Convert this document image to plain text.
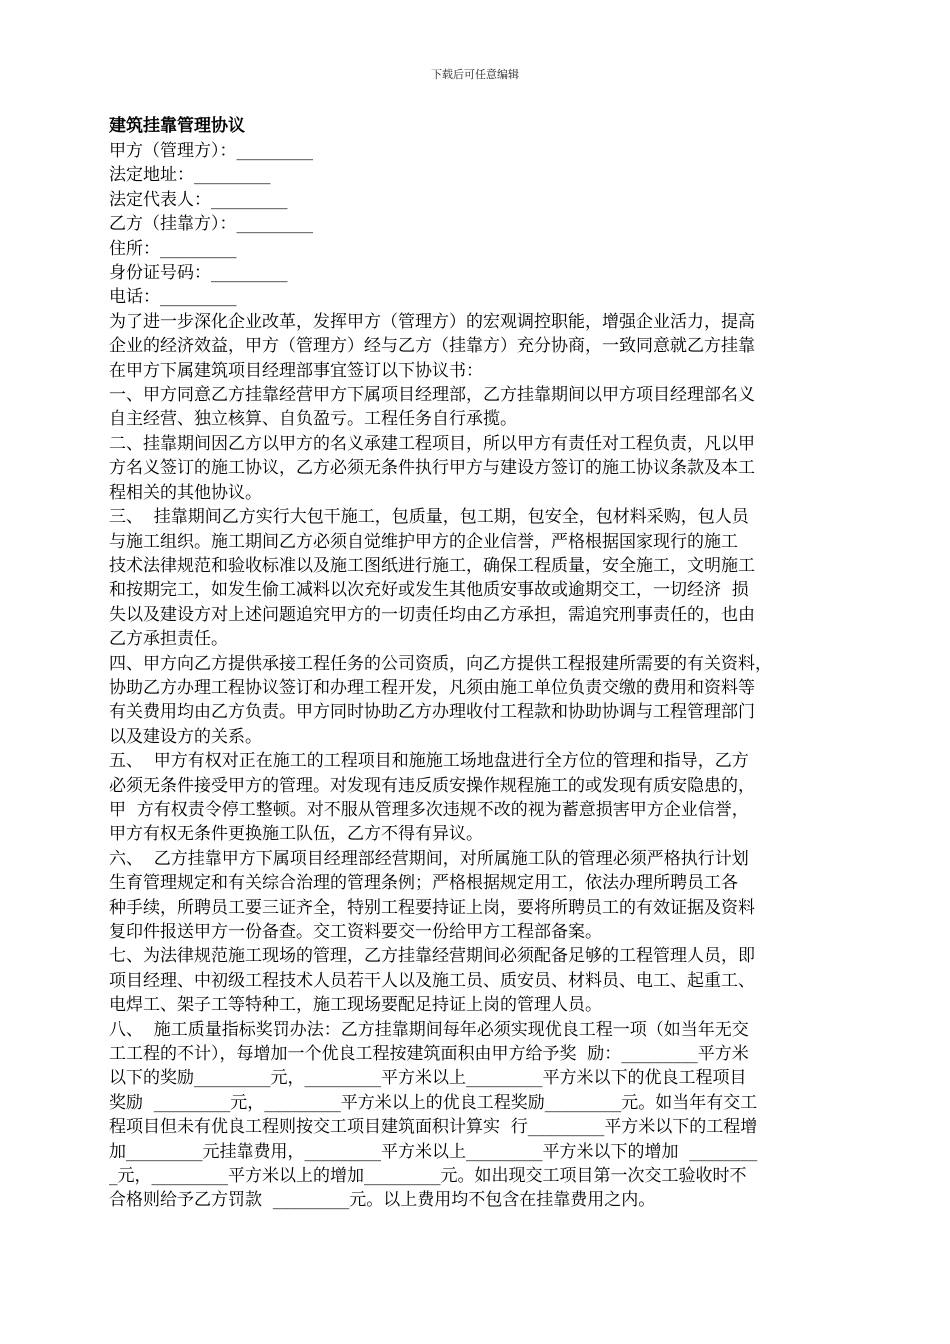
下载后可任意编辑

建筑挂靠管理协议

甲方（管理方）：_________

法定地址：_________

法定代表人：_________

乙方（挂靠方）：_________

住所：_________

身份证号码：_________

电话：_________

为了进一步深化企业改革，发挥甲方（管理方）的宏观调控职能，增强企业活力，提高

企业的经济效益，甲方（管理方）经与乙方（挂靠方）充分协商，一致同意就乙方挂靠

在甲方下属建筑项目经理部事宜签订以下协议书：

一、甲方同意乙方挂靠经营甲方下属项目经理部，乙方挂靠期间以甲方项目经理部名义

自主经营、独立核算、自负盈亏。工程任务自行承揽。

二、挂靠期间因乙方以甲方的名义承建工程项目，所以甲方有责任对工程负责，凡以甲

方名义签订的施工协议，乙方必须无条件执行甲方与建设方签订的施工协议条款及本工

程相关的其他协议。

三、  挂靠期间乙方实行大包干施工，包质量，包工期，包安全，包材料采购，包人员

与施工组织。施工期间乙方必须自觉维护甲方的企业信誉，严格根据国家现行的施工

技术法律规范和验收标准以及施工图纸进行施工，确保工程质量，安全施工，文明施工

和按期完工，如发生偷工减料以次充好或发生其他质安事故或逾期交工，一切经济  损

失以及建设方对上述问题追究甲方的一切责任均由乙方承担，需追究刑事责任的，也由

乙方承担责任。

四、甲方向乙方提供承接工程任务的公司资质，向乙方提供工程报建所需要的有关资料，

协助乙方办理工程协议签订和办理工程开发，凡须由施工单位负责交缴的费用和资料等

有关费用均由乙方负责。甲方同时协助乙方办理收付工程款和协助协调与工程管理部门

以及建设方的关系。

五、  甲方有权对正在施工的工程项目和施施工场地盘进行全方位的管理和指导，乙方

必须无条件接受甲方的管理。对发现有违反质安操作规程施工的或发现有质安隐患的，

甲  方有权责令停工整顿。对不服从管理多次违规不改的视为蓄意损害甲方企业信誉，

甲方有权无条件更换施工队伍，乙方不得有异议。

六、  乙方挂靠甲方下属项目经理部经营期间，对所属施工队的管理必须严格执行计划

生育管理规定和有关综合治理的管理条例；严格根据规定用工，依法办理所聘员工各

种手续，所聘员工要三证齐全，特别工程要持证上岗，要将所聘员工的有效证据及资料

复印件报送甲方一份备查。交工资料要交一份给甲方工程部备案。

七、为法律规范施工现场的管理，乙方挂靠经营期间必须配备足够的工程管理人员，即

项目经理、中初级工程技术人员若干人以及施工员、质安员、材料员、电工、起重工、

电焊工、架子工等特种工，施工现场要配足持证上岗的管理人员。

八、  施工质量指标奖罚办法：乙方挂靠期间每年必须实现优良工程一项（如当年无交

工工程的不计），每增加一个优良工程按建筑面积由甲方给予奖  励：_________平方米

以下的奖励_________元，_________平方米以上_________平方米以下的优良工程项目

奖励  _________元，_________平方米以上的优良工程奖励_________元。如当年有交工

程项目但未有优良工程则按交工项目建筑面积计算实  行_________平方米以下的工程增

加_________元挂靠费用，_________平方米以上_________平方米以下的增加  ________

_元，_________平方米以上的增加_________元。如出现交工项目第一次交工验收时不

合格则给予乙方罚款  _________元。以上费用均不包含在挂靠费用之内。
